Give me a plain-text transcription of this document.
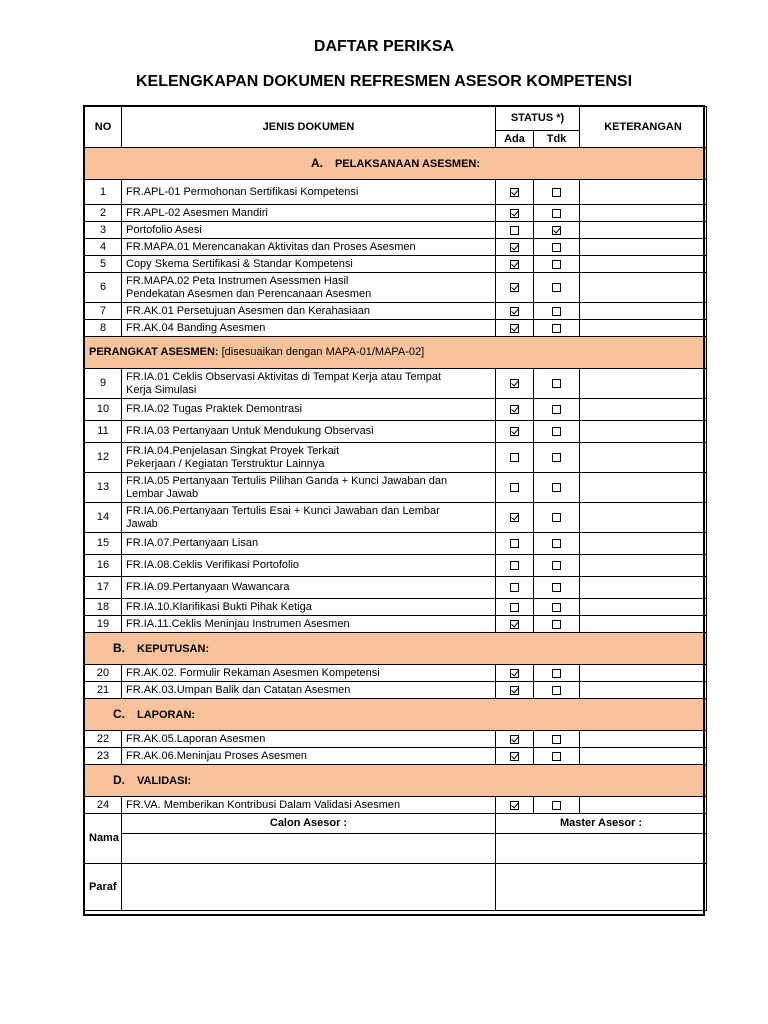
DAFTAR PERIKSA
KELENGKAPAN DOKUMEN REFRESMEN ASESOR KOMPETENSI
NO	JENIS DOKUMEN	STATUS *)		KETERANGAN
		Ada	Tdk	
A. PELAKSANAAN ASESMEN:				
1	FR.APL-01 Permohonan Sertifikasi Kompetensi			
2	FR.APL-02 Asesmen Mandiri			
3	Portofolio Asesi			
4	FR.MAPA.01 Merencanakan Aktivitas dan Proses Asesmen			
5	Copy Skema Sertifikasi & Standar Kompetensi			
6	FR.MAPA.02 Peta Instrumen Asessmen Hasil
Pendekatan Asesmen dan Perencanaan Asesmen			
7	FR.AK.01 Persetujuan Asesmen dan Kerahasiaan			
8	FR.AK.04 Banding Asesmen			
PERANGKAT ASESMEN: [disesuaikan dengan MAPA-01/MAPA-02]				
9	FR.IA.01 Ceklis Observasi Aktivitas di Tempat Kerja atau Tempat
Kerja Simulasi			
10	FR.IA.02 Tugas Praktek Demontrasi			
11	FR.IA.03 Pertanyaan Untuk Mendukung Observasi			
12	FR.IA.04.Penjelasan Singkat Proyek Terkait
Pekerjaan / Kegiatan Terstruktur Lainnya			
13	FR.IA.05 Pertanyaan Tertulis Pilihan Ganda + Kunci Jawaban dan
Lembar Jawab			
14	FR.IA.06.Pertanyaan Tertulis Esai + Kunci Jawaban dan Lembar
Jawab			
15	FR.IA.07.Pertanyaan Lisan			
16	FR.IA.08.Ceklis Verifikasi Portofolio			
17	FR.IA.09.Pertanyaan Wawancara			
18	FR.IA.10.Klarifikasi Bukti Pihak Ketiga			
19	FR.IA.11.Ceklis Meninjau Instrumen Asesmen			
B. KEPUTUSAN:				
20	FR.AK.02. Formulir Rekaman Asesmen Kompetensi			
21	FR.AK.03.Umpan Balik dan Catatan Asesmen			
C. LAPORAN:				
22	FR.AK.05.Laporan Asesmen			
23	FR.AK.06.Meninjau Proses Asesmen			
D. VALIDASI:				
24	FR.VA. Memberikan Kontribusi Dalam Validasi Asesmen			
Nama	Calon Asesor :	Master Asesor :		

Paraf				
